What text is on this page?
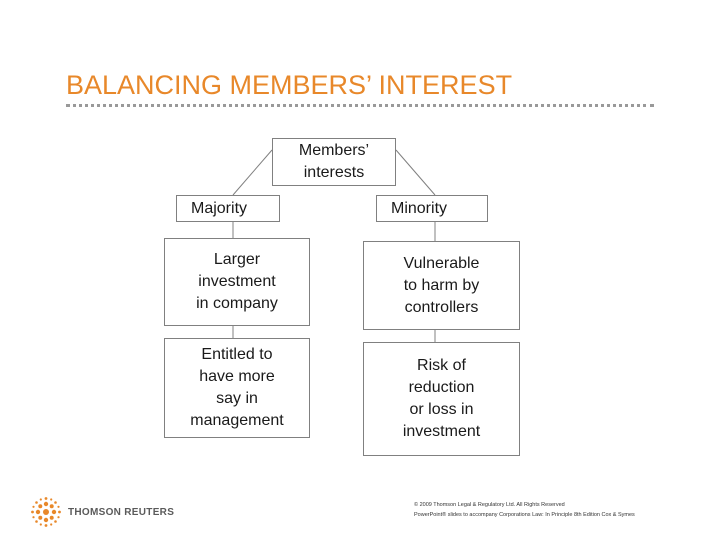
BALANCING MEMBERS’ INTEREST
Members’
interests
Majority	Minority
Larger
investment
in company
Entitled to
have more
say in
management
Vulnerable
to harm by
controllers
Risk of
reduction
or loss in
investment
THOMSON REUTERS
© 2009 Thomson Legal & Regulatory Ltd. All Rights Reserved
PowerPoint® slides to accompany Corporations Law: In Principle 8th Edition Cox & Symes
